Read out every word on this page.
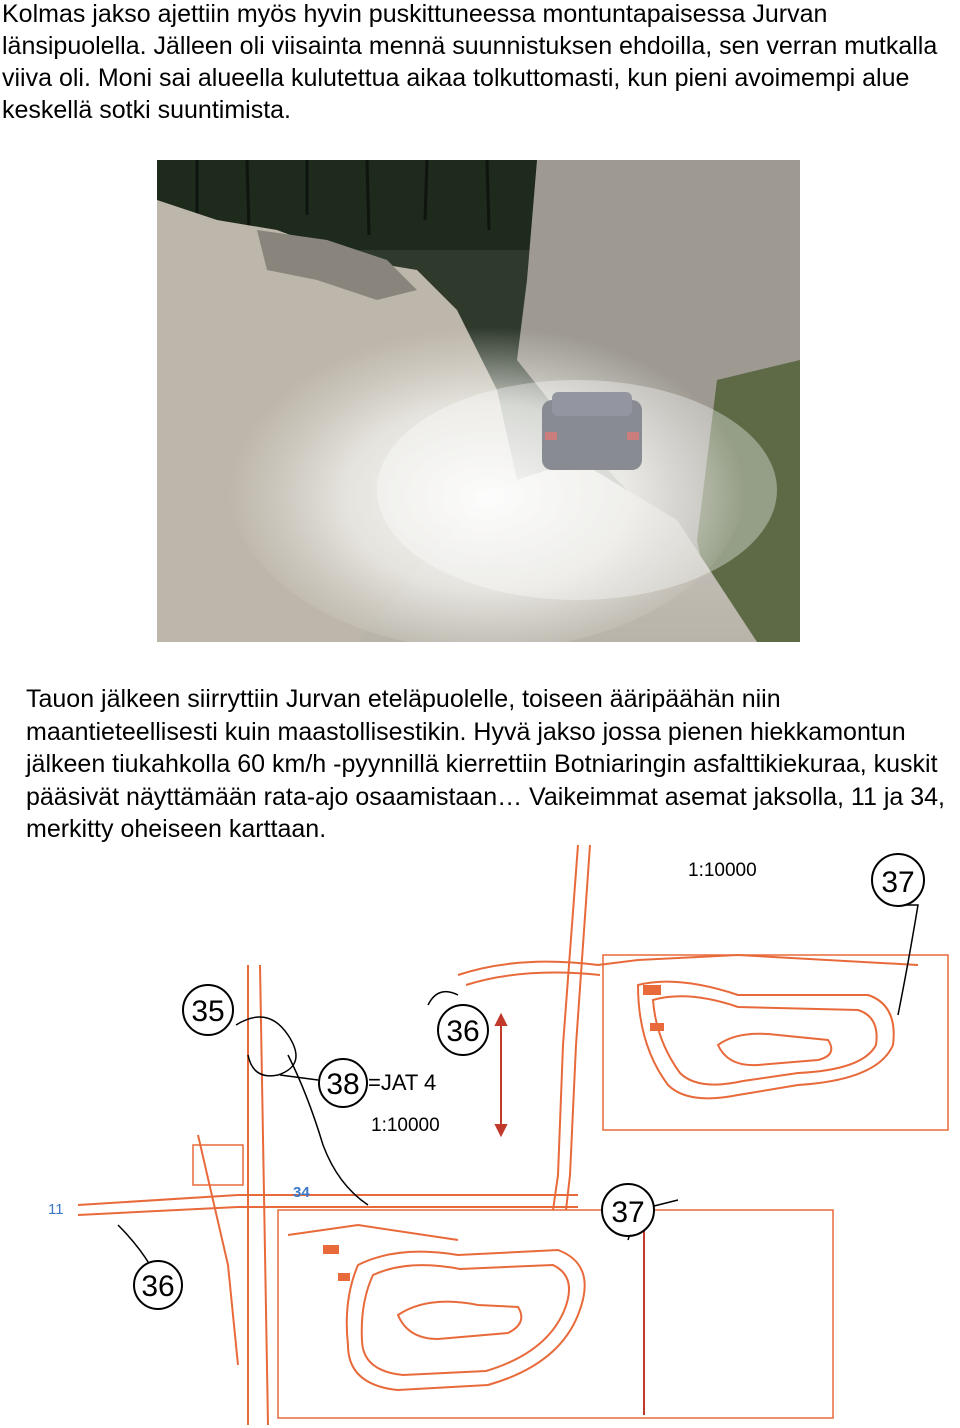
Kolmas jakso ajettiin myös hyvin puskittuneessa montuntapaisessa Jurvan länsipuolella. Jälleen oli viisainta mennä suunnistuksen ehdoilla, sen verran mutkalla viiva oli. Moni sai alueella kulutettua aikaa tolkuttomasti, kun pieni avoimempi alue keskellä sotki suuntimista.

Tauon jälkeen siirryttiin Jurvan eteläpuolelle, toiseen ääripäähän niin maantieteellisesti kuin maastollisestikin. Hyvä jakso jossa pienen hiekkamontun jälkeen tiukahkolla 60 km/h -pyynnillä kierrettiin Botniaringin asfalttikiekuraa, kuskit pääsivät näyttämään rata-ajo osaamistaan… Vaikeimmat asemat jaksolla, 11 ja 34, merkitty oheiseen karttaan.

35
36
37
38
37
36
1:10000
=JAT 4
1:10000
11
34
